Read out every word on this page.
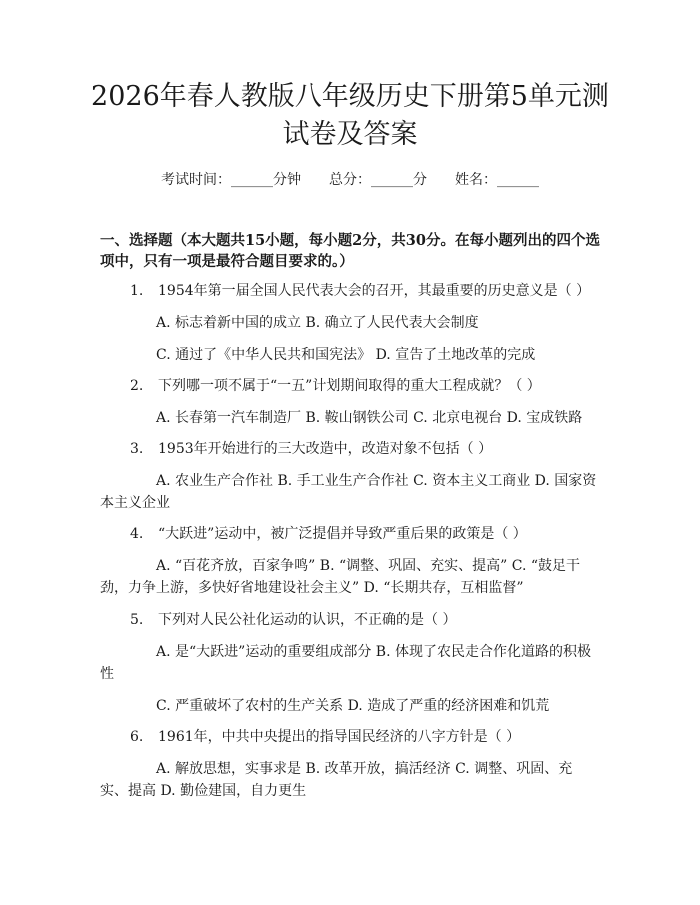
2026年春人教版八年级历史下册第5单元测试卷及答案
考试时间：______分钟 总分：______分 姓名：______

一、选择题（本大题共15小题，每小题2分，共30分。在每小题列出的四个选项中，只有一项是最符合题目要求的。）

1. 1954年第一届全国人民代表大会的召开，其最重要的历史意义是（ ）

A. 标志着新中国的成立 B. 确立了人民代表大会制度

C. 通过了《中华人民共和国宪法》 D. 宣告了土地改革的完成

2. 下列哪一项不属于“一五”计划期间取得的重大工程成就？（ ）

A. 长春第一汽车制造厂 B. 鞍山钢铁公司 C. 北京电视台 D. 宝成铁路

3. 1953年开始进行的三大改造中，改造对象不包括（ ）

A. 农业生产合作社 B. 手工业生产合作社 C. 资本主义工商业 D. 国家资本主义企业

4. “大跃进”运动中，被广泛提倡并导致严重后果的政策是（ ）

A. “百花齐放，百家争鸣” B. “调整、巩固、充实、提高” C. “鼓足干劲，力争上游，多快好省地建设社会主义” D. “长期共存，互相监督”

5. 下列对人民公社化运动的认识，不正确的是（ ）

A. 是“大跃进”运动的重要组成部分 B. 体现了农民走合作化道路的积极性

C. 严重破坏了农村的生产关系 D. 造成了严重的经济困难和饥荒

6. 1961年，中共中央提出的指导国民经济的八字方针是（ ）

A. 解放思想，实事求是 B. 改革开放，搞活经济 C. 调整、巩固、充实、提高 D. 勤俭建国，自力更生
